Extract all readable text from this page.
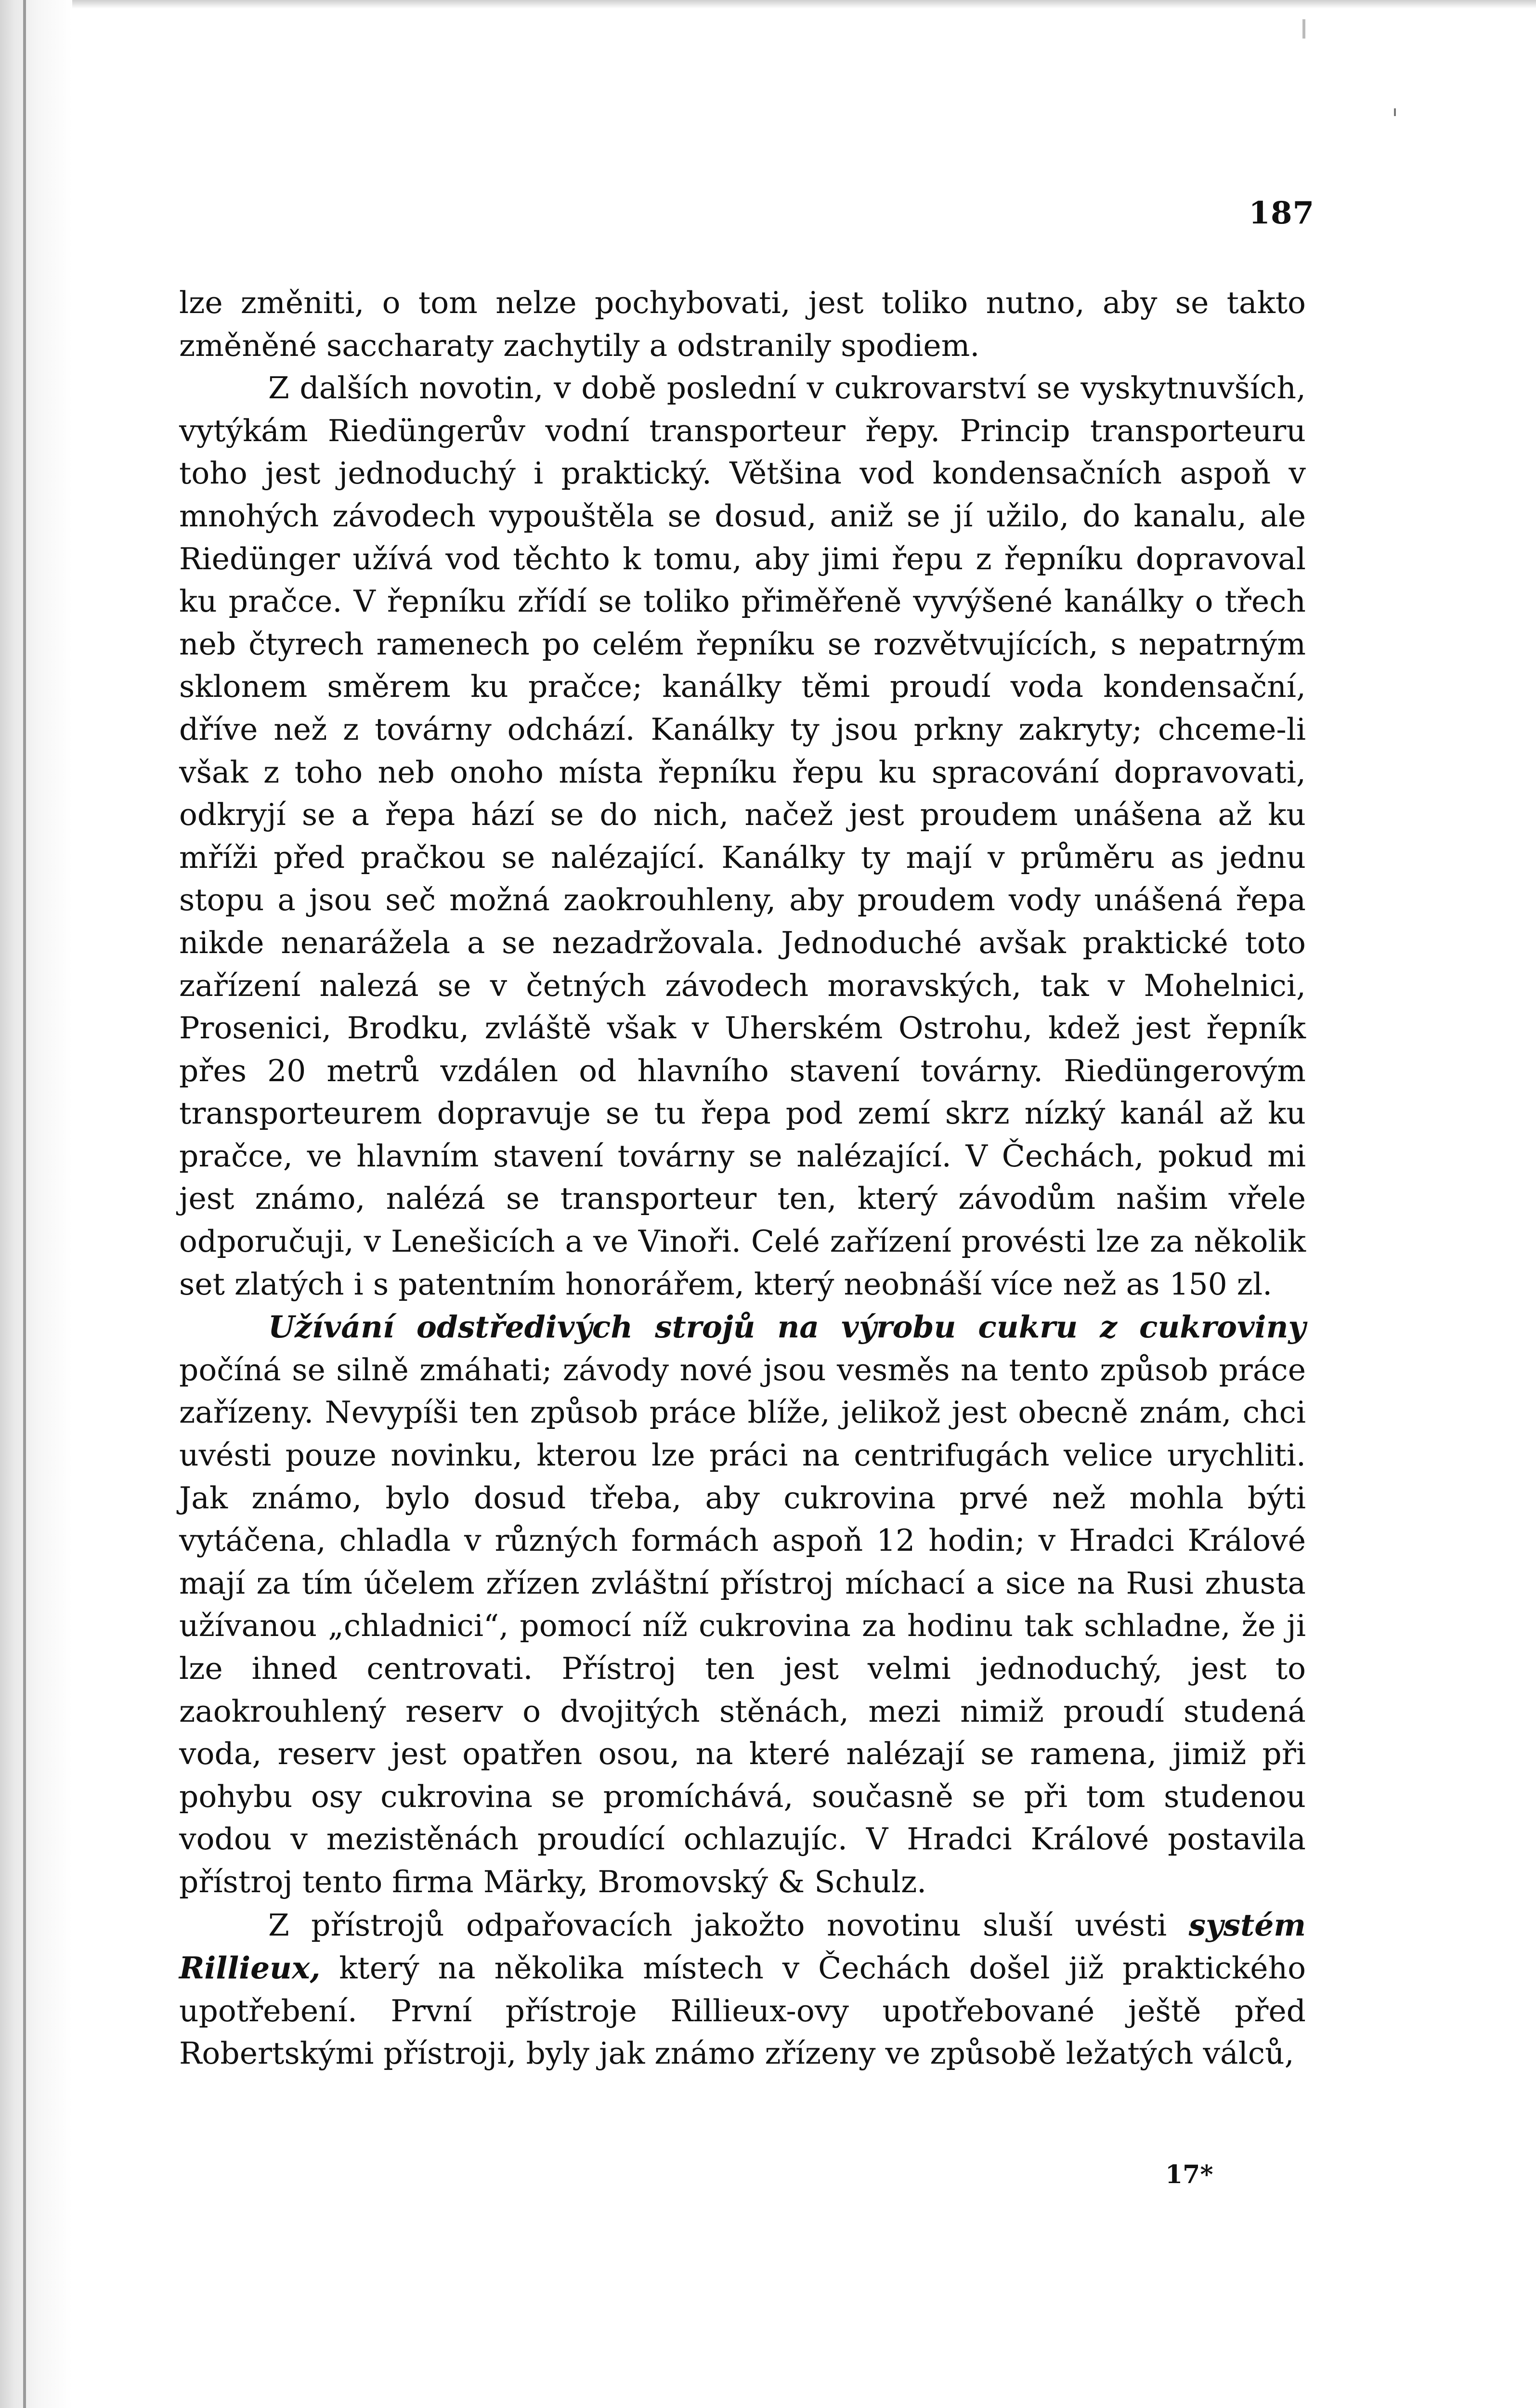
187

lze změniti, o tom nelze pochybovati, jest toliko nutno, aby se takto změněné saccharaty zachytily a odstranily spodiem.

Z dalších novotin, v době poslední v cukrovarství se vyskytnuvších, vytýkám Riedüngerův vodní transporteur řepy. Princip transporteuru toho jest jednoduchý i praktický. Většina vod kondensačních aspoň v mnohých závodech vypouštěla se dosud, aniž se jí užilo, do kanalu, ale Riedünger užívá vod těchto k tomu, aby jimi řepu z řepníku dopravoval ku pračce. V řepníku zřídí se toliko přiměřeně vyvýšené kanálky o třech neb čtyrech ramenech po celém řepníku se rozvětvujících, s nepatrným sklonem směrem ku pračce; kanálky těmi proudí voda kondensační, dříve než z továrny odchází. Kanálky ty jsou prkny zakryty; chceme-li však z toho neb onoho místa řepníku řepu ku spracování dopravovati, odkryjí se a řepa hází se do nich, načež jest proudem unášena až ku mříži před pračkou se nalézající. Kanálky ty mají v průměru as jednu stopu a jsou seč možná zaokrouhleny, aby proudem vody unášená řepa nikde nenarážela a se nezadržovala. Jednoduché avšak praktické toto zařízení nalezá se v četných závodech moravských, tak v Mohelnici, Prosenici, Brodku, zvláště však v Uherském Ostrohu, kdež jest řepník přes 20 metrů vzdálen od hlavního stavení továrny. Riedüngerovým transporteurem dopravuje se tu řepa pod zemí skrz nízký kanál až ku pračce, ve hlavním stavení továrny se nalézající. V Čechách, pokud mi jest známo, nalézá se transporteur ten, který závodům našim vřele odporučuji, v Lenešicích a ve Vinoři. Celé zařízení provésti lze za několik set zlatých i s patentním honorářem, který neobnáší více než as 150 zl.

Užívání odstředivých strojů na výrobu cukru z cukroviny počíná se silně zmáhati; závody nové jsou vesměs na tento způsob práce zařízeny. Nevypíši ten způsob práce blíže, jelikož jest obecně znám, chci uvésti pouze novinku, kterou lze práci na centrifugách velice urychliti. Jak známo, bylo dosud třeba, aby cukrovina prvé než mohla býti vytáčena, chladla v různých formách aspoň 12 hodin; v Hradci Králové mají za tím účelem zřízen zvláštní přístroj míchací a sice na Rusi zhusta užívanou „chladnici“, pomocí níž cukrovina za hodinu tak schladne, že ji lze ihned centrovati. Přístroj ten jest velmi jednoduchý, jest to zaokrouhlený reserv o dvojitých stěnách, mezi nimiž proudí studená voda, reserv jest opatřen osou, na které nalézají se ramena, jimiž při pohybu osy cukrovina se promíchává, současně se při tom studenou vodou v mezistěnách proudící ochlazujíc. V Hradci Králové postavila přístroj tento firma Märky, Bromovský & Schulz.

Z přístrojů odpařovacích jakožto novotinu sluší uvésti systém Rillieux, který na několika místech v Čechách došel již praktického upotřebení. První přístroje Rillieux-ovy upotřebované ještě před Robertskými přístroji, byly jak známo zřízeny ve způsobě ležatých válců,

17*
